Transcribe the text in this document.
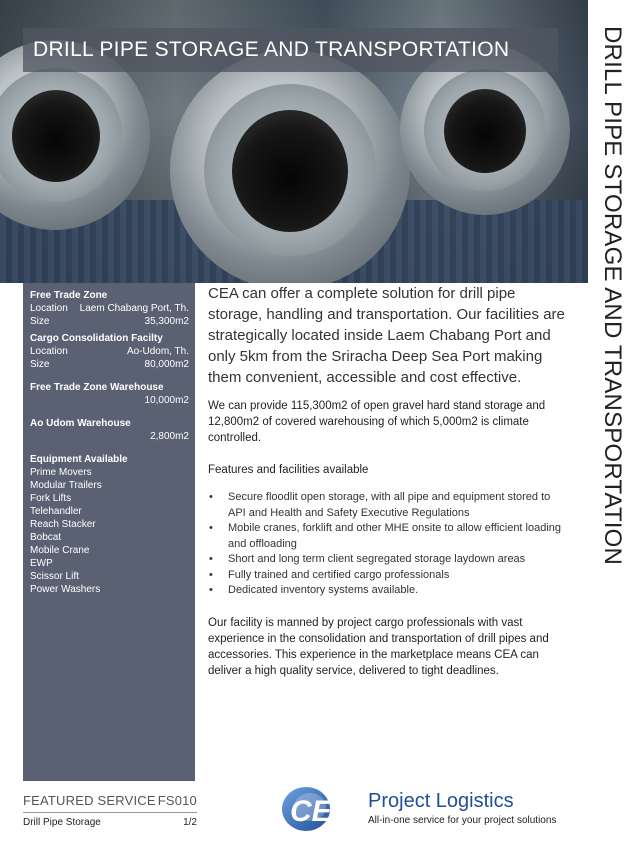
DRILL PIPE STORAGE AND TRANSPORTATION	DRILL PIPE STORAGE AND TRANSPORTATION
Free Trade Zone
Location Laem Chabang Port, Th.
Size	35,300m2
Cargo Consolidation Facilty
Location	Ao-Udom, Th.
Size	80,000m2
Free Trade Zone Warehouse
10,000m2
Ao Udom Warehouse
2,800m2
Equipment Available
Prime Movers
Modular Trailers
Fork Lifts
Telehandler
Reach Stacker
Bobcat
Mobile Crane
EWP
Scissor Lift
Power Washers

CEA can offer a complete solution for drill pipe storage, handling and transportation. Our facilities are strategically located inside Laem Chabang Port and only 5km from the Sriracha Deep Sea Port making them convenient, accessible and cost effective.

We can provide 115,300m2 of open gravel hard stand storage and 12,800m2 of covered warehousing of which 5,000m2 is climate controlled.

Features and facilities available

• Secure floodlit open storage, with all pipe and equipment stored to API and Health and Safety Executive Regulations
• Mobile cranes, forklift and other MHE onsite to allow efficient loading and offloading
• Short and long term client segregated storage laydown areas
• Fully trained and certified cargo professionals
• Dedicated inventory systems available.

Our facility is manned by project cargo professionals with vast experience in the consolidation and transportation of drill pipes and accessories. This experience in the marketplace means CEA can deliver a high quality service, delivered to tight deadlines.

FEATURED SERVICE FS010
Drill Pipe Storage	1/2	CEA Project Logistics
All-in-one service for your project solutions
